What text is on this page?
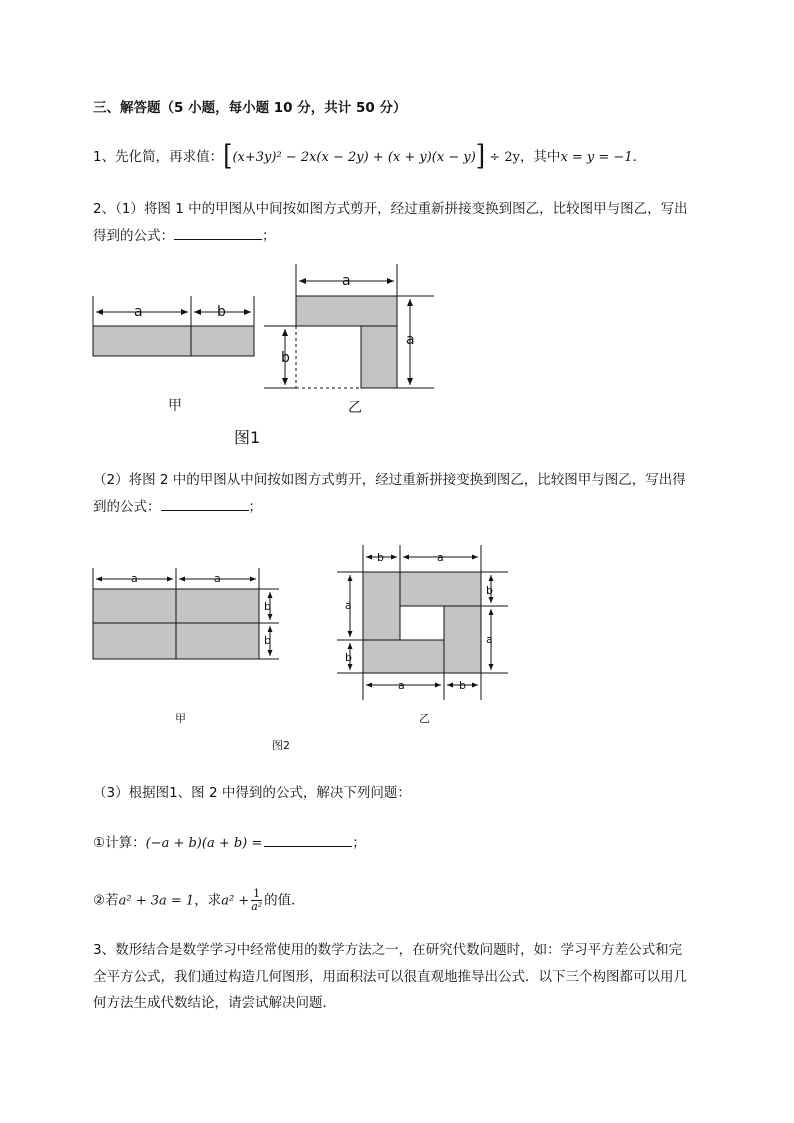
三、解答题（5 小题，每小题 10 分，共计 50 分）
1、先化简，再求值：[(x+3y)² − 2x(x − 2y) + (x + y)(x − y)] ÷ 2y，其中x = y = −1．
2、（1）将图 1 中的甲图从中间按如图方式剪开，经过重新拼接变换到图乙，比较图甲与图乙，写出
得到的公式：	；
a	b
a
b
a
甲	乙
图1
a	a
b
b
甲	乙
图2
b	a
a
b
b
a
a	b
（2）将图 2 中的甲图从中间按如图方式剪开，经过重新拼接变换到图乙，比较图甲与图乙，写出得
到的公式：	；
（3）根据图1、图 2 中得到的公式，解决下列问题：
①计算：(−a + b)(a + b) =	；
②若a² + 3a = 1，求$a^2 + \frac{1}{\text{a²}}$ 的值．
3、数形结合是数学学习中经常使用的数学方法之一，在研究代数问题时，如：学习平方差公式和完
全平方公式，我们通过构造几何图形，用面积法可以很直观地推导出公式．以下三个构图都可以用几
何方法生成代数结论，请尝试解决问题．
